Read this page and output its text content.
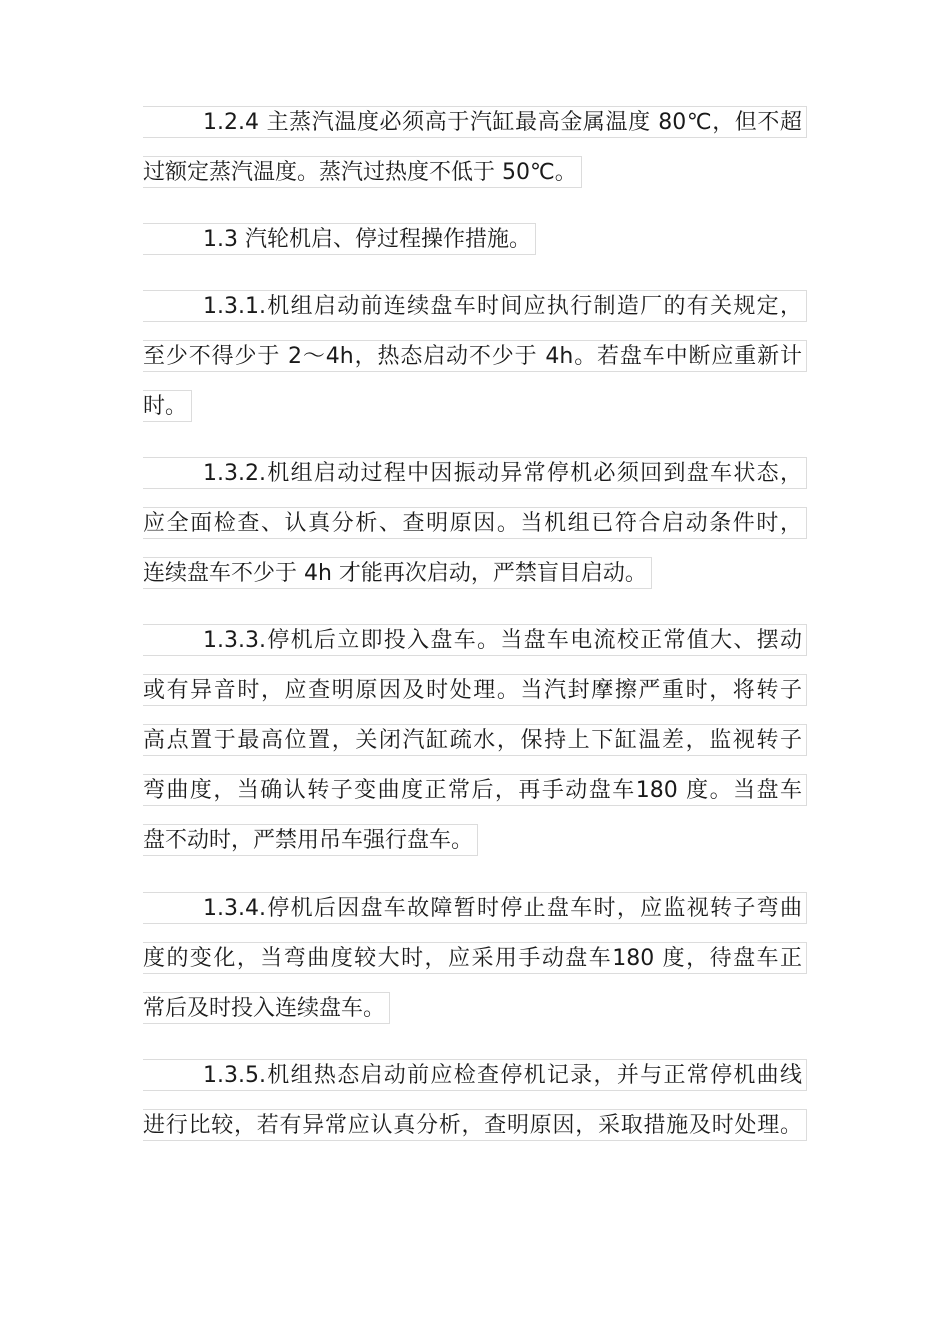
1.2.4 主蒸汽温度必须高于汽缸最高金属温度 80℃，但不超
过额定蒸汽温度。蒸汽过热度不低于 50℃。
1.3 汽轮机启、停过程操作措施。
1.3.1.机组启动前连续盘车时间应执行制造厂的有关规定，
至少不得少于 2～4h，热态启动不少于 4h。若盘车中断应重新计
时。
1.3.2.机组启动过程中因振动异常停机必须回到盘车状态，
应全面检查、认真分析、查明原因。当机组已符合启动条件时，
连续盘车不少于 4h 才能再次启动，严禁盲目启动。
1.3.3.停机后立即投入盘车。当盘车电流校正常值大、摆动
或有异音时，应查明原因及时处理。当汽封摩擦严重时，将转子
高点置于最高位置，关闭汽缸疏水，保持上下缸温差，监视转子
弯曲度，当确认转子变曲度正常后，再手动盘车180 度。当盘车
盘不动时，严禁用吊车强行盘车。
1.3.4.停机后因盘车故障暂时停止盘车时，应监视转子弯曲
度的变化，当弯曲度较大时，应采用手动盘车180 度，待盘车正
常后及时投入连续盘车。
1.3.5.机组热态启动前应检查停机记录，并与正常停机曲线
进行比较，若有异常应认真分析，查明原因，采取措施及时处理。
